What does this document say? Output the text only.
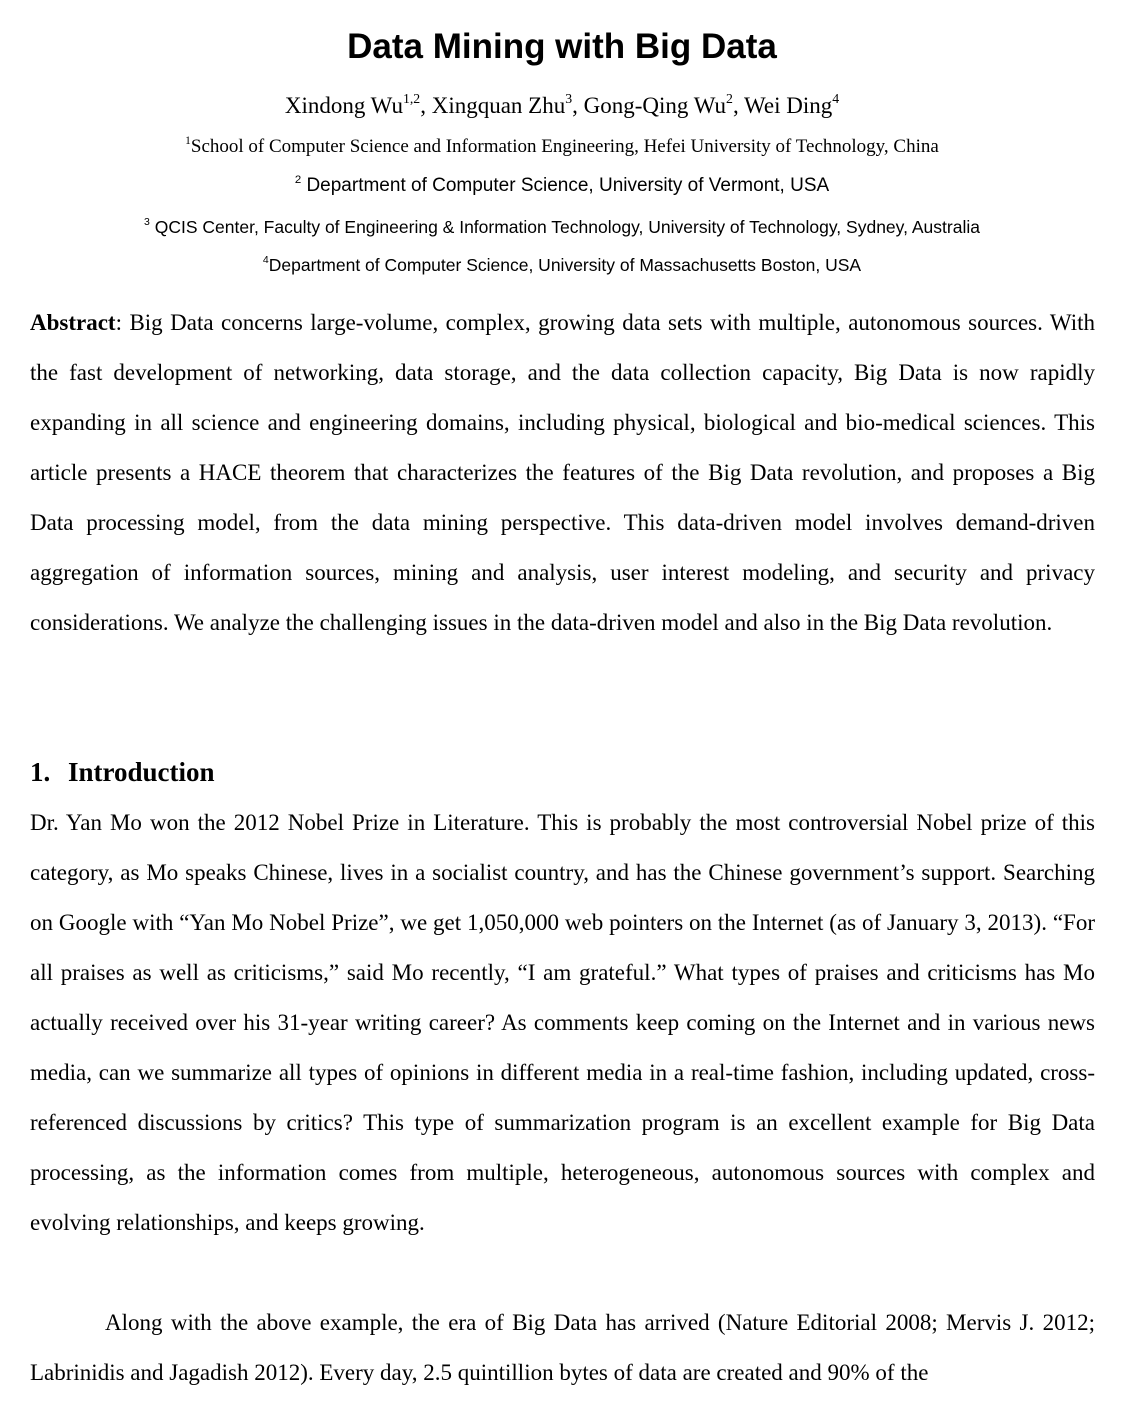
Data Mining with Big Data
Xindong Wu$^{1,2}$, Xingquan Zhu$^3$, Gong-Qing Wu$^2$, Wei Ding$^4$
$^1$School of Computer Science and Information Engineering, Hefei University of Technology, China
$^2$ Department of Computer Science, University of Vermont, USA
$^3$ QCIS Center, Faculty of Engineering & Information Technology, University of Technology, Sydney, Australia
$^4$Department of Computer Science, University of Massachusetts Boston, USA
Abstract: Big Data concerns large-volume, complex, growing data sets with multiple, autonomous sources. With the fast development of networking, data storage, and the data collection capacity, Big Data is now rapidly expanding in all science and engineering domains, including physical, biological and bio-medical sciences. This article presents a HACE theorem that characterizes the features of the Big Data revolution, and proposes a Big Data processing model, from the data mining perspective. This data-driven model involves demand-driven aggregation of information sources, mining and analysis, user interest modeling, and security and privacy considerations. We analyze the challenging issues in the data-driven model and also in the Big Data revolution.
1. Introduction
Dr. Yan Mo won the 2012 Nobel Prize in Literature. This is probably the most controversial Nobel prize of this category, as Mo speaks Chinese, lives in a socialist country, and has the Chinese government’s support. Searching on Google with “Yan Mo Nobel Prize”, we get 1,050,000 web pointers on the Internet (as of January 3, 2013). “For all praises as well as criticisms,” said Mo recently, “I am grateful.” What types of praises and criticisms has Mo actually received over his 31-year writing career? As comments keep coming on the Internet and in various news media, can we summarize all types of opinions in different media in a real-time fashion, including updated, cross-referenced discussions by critics? This type of summarization program is an excellent example for Big Data processing, as the information comes from multiple, heterogeneous, autonomous sources with complex and evolving relationships, and keeps growing.
Along with the above example, the era of Big Data has arrived (Nature Editorial 2008; Mervis J. 2012; Labrinidis and Jagadish 2012). Every day, 2.5 quintillion bytes of data are created and 90% of the
